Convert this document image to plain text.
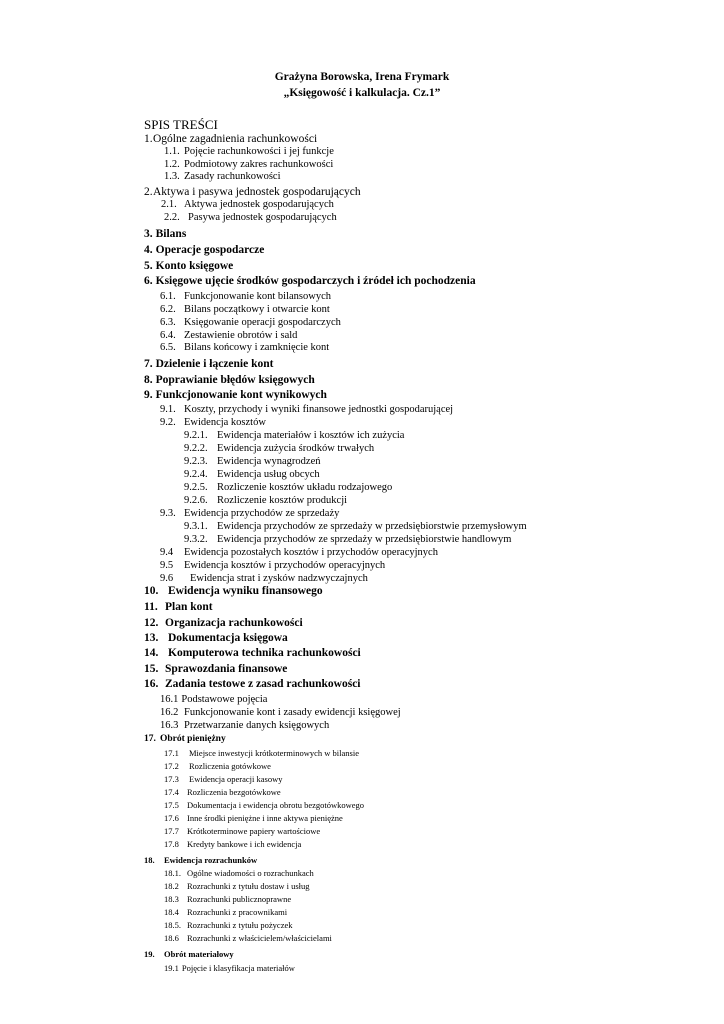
Grażyna Borowska, Irena Frymark
„Księgowość i kalkulacja. Cz.1”
SPIS TREŚCI
1.Ogólne zagadnienia rachunkowości
1.1. Pojęcie rachunkowości i jej funkcje
1.2. Podmiotowy zakres rachunkowości
1.3. Zasady rachunkowości
2.Aktywa i pasywa jednostek gospodarujących
2.1. Aktywa jednostek gospodarujących
2.2. Pasywa jednostek gospodarujących
3. Bilans
4. Operacje gospodarcze
5. Konto księgowe
6. Księgowe ujęcie środków gospodarczych i źródeł ich pochodzenia
6.1. Funkcjonowanie kont bilansowych
6.2. Bilans początkowy i otwarcie kont
6.3. Księgowanie operacji gospodarczych
6.4. Zestawienie obrotów i sald
6.5. Bilans końcowy i zamknięcie kont
7. Dzielenie i łączenie kont
8. Poprawianie błędów księgowych
9. Funkcjonowanie kont wynikowych
9.1. Koszty, przychody i wyniki finansowe jednostki gospodarującej
9.2. Ewidencja kosztów
9.2.1. Ewidencja materiałów i kosztów ich zużycia
9.2.2. Ewidencja zużycia środków trwałych
9.2.3. Ewidencja wynagrodzeń
9.2.4. Ewidencja usług obcych
9.2.5. Rozliczenie kosztów układu rodzajowego
9.2.6. Rozliczenie kosztów produkcji
9.3. Ewidencja przychodów ze sprzedaży
9.3.1. Ewidencja przychodów ze sprzedaży w przedsiębiorstwie przemysłowym
9.3.2. Ewidencja przychodów ze sprzedaży w przedsiębiorstwie handlowym
9.4 Ewidencja pozostałych kosztów i przychodów operacyjnych
9.5 Ewidencja kosztów i przychodów operacyjnych
9.6 Ewidencja strat i zysków nadzwyczajnych
10. Ewidencja wyniku finansowego
11. Plan kont
12. Organizacja rachunkowości
13. Dokumentacja księgowa
14. Komputerowa technika rachunkowości
15. Sprawozdania finansowe
16. Zadania testowe z zasad rachunkowości
16.1 Podstawowe pojęcia
16.2 Funkcjonowanie kont i zasady ewidencji księgowej
16.3 Przetwarzanie danych księgowych
17. Obrót pieniężny
17.1 Miejsce inwestycji krótkoterminowych w bilansie
17.2 Rozliczenia gotówkowe
17.3 Ewidencja operacji kasowy
17.4 Rozliczenia bezgotówkowe
17.5 Dokumentacja i ewidencja obrotu bezgotówkowego
17.6 Inne środki pieniężne i inne aktywa pieniężne
17.7 Krótkoterminowe papiery wartościowe
17.8 Kredyty bankowe i ich ewidencja
18. Ewidencja rozrachunków
18.1. Ogólne wiadomości o rozrachunkach
18.2 Rozrachunki z tytułu dostaw i usług
18.3 Rozrachunki publicznoprawne
18.4 Rozrachunki z pracownikami
18.5. Rozrachunki z tytułu pożyczek
18.6 Rozrachunki z właścicielem/właścicielami
19. Obrót materiałowy
19.1 Pojęcie i klasyfikacja materiałów
